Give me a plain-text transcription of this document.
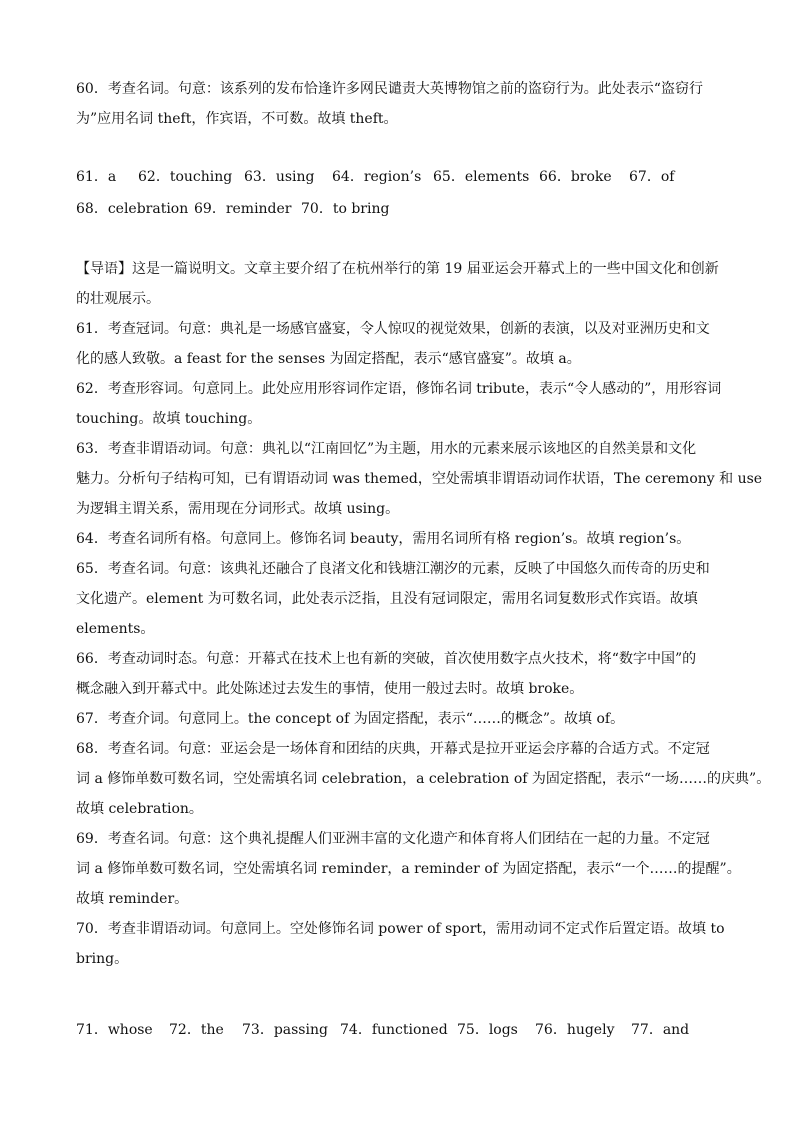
60．考查名词。句意：该系列的发布恰逢许多网民谴责大英博物馆之前的盗窃行为。此处表示“盗窃行
为”应用名词 theft，作宾语，不可数。故填 theft。
61．a 62．touching 63．using 64．region’s 65．elements 66．broke 67．of
68．celebration 69．reminder 70．to bring
【导语】这是一篇说明文。文章主要介绍了在杭州举行的第 19 届亚运会开幕式上的一些中国文化和创新
的壮观展示。
61．考查冠词。句意：典礼是一场感官盛宴，令人惊叹的视觉效果，创新的表演，以及对亚洲历史和文
化的感人致敬。a feast for the senses 为固定搭配，表示“感官盛宴”。故填 a。
62．考查形容词。句意同上。此处应用形容词作定语，修饰名词 tribute，表示“令人感动的”，用形容词
touching。故填 touching。
63．考查非谓语动词。句意：典礼以“江南回忆”为主题，用水的元素来展示该地区的自然美景和文化
魅力。分析句子结构可知，已有谓语动词 was themed，空处需填非谓语动词作状语，The ceremony 和 use
为逻辑主谓关系，需用现在分词形式。故填 using。
64．考查名词所有格。句意同上。修饰名词 beauty，需用名词所有格 region’s。故填 region’s。
65．考查名词。句意：该典礼还融合了良渚文化和钱塘江潮汐的元素，反映了中国悠久而传奇的历史和
文化遗产。element 为可数名词，此处表示泛指，且没有冠词限定，需用名词复数形式作宾语。故填
elements。
66．考查动词时态。句意：开幕式在技术上也有新的突破，首次使用数字点火技术，将“数字中国”的
概念融入到开幕式中。此处陈述过去发生的事情，使用一般过去时。故填 broke。
67．考查介词。句意同上。the concept of 为固定搭配，表示“……的概念”。故填 of。
68．考查名词。句意：亚运会是一场体育和团结的庆典，开幕式是拉开亚运会序幕的合适方式。不定冠
词 a 修饰单数可数名词，空处需填名词 celebration，a celebration of 为固定搭配，表示“一场……的庆典”。
故填 celebration。
69．考查名词。句意：这个典礼提醒人们亚洲丰富的文化遗产和体育将人们团结在一起的力量。不定冠
词 a 修饰单数可数名词，空处需填名词 reminder，a reminder of 为固定搭配，表示“一个……的提醒”。
故填 reminder。
70．考查非谓语动词。句意同上。空处修饰名词 power of sport，需用动词不定式作后置定语。故填 to
bring。
71．whose 72．the 73．passing 74．functioned 75．logs 76．hugely 77．and
